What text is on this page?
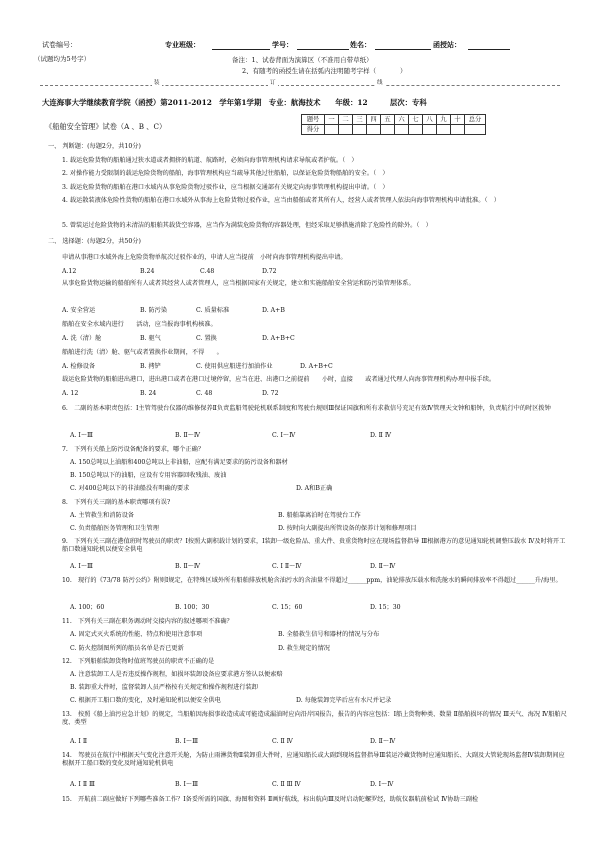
试卷编号：
（试题均为5号字）
专业班级：	学号：	姓名：	函授站：
备注：1、试卷背面为演算区（不准用自带草纸）
2、有随考的函授生请在括弧内注明随考字样（	）
装	订	线
大连海事大学继续教育学院（函授）第2011-2012　学年第1学期　专业：航海技术　　年级：12　　　层次：专科
《船舶安全管理》试卷（A 、B 、C）
题号	一	二	三	四	五	六	七	八	九	十	总分
得分											
一、 判断题：(每题2分，共10分)
1. 载运危险货物的船舶通过狭水道或者拥挤的航道、航路时，必须向海事管理机构请求导航或者护航。（　）
2. 对操作能力受限制的载运危险货物的船舶，海事管理机构应当疏导其他过往船舶，以保证危险货物船舶的安全。（　）
3. 载运危险货物的船舶在港口水域内从事危险货物过驳作业，应当根据交通部有关规定向海事管理机构提出申请。（　）
4. 载运散装液体危险性货物的船舶在港口水域外从事海上危险货物过驳作业，应当由船舶或者其所有人，经营人或者管理人依法向海事管理机构申请批准。（　）
5. 曾装运过危险货物的未清洁的船舶其载货空容器，应当作为满装危险货物的容器处理，但经采取足够措施消除了危险性的除外。（　）
二、 选择题：(每题2分，共50分)
申请从事港口水域外海上危险货物单航次过驳作业的，申请人应当提前　小时向海事管理机构提出申请。
A.12	B.24	C.48	D.72
从事危险货物运输的船舶所有人或者其经营人或者管理人，应当根据国家有关规定，建立和实施船舶安全营运和防污染管理体系。
A. 安全营运	B. 防污染	C. 质量标准	D. A+B
船舶在安全水域内进行　　活动，应当报海事机构核准。
A. 洗（清）舱	B. 驱气	C. 置换	D. A+B+C
船舶进行洗（清）舱、驱气或者置换作业期间，不得　　。
A. 检修设备	B. 拷铲	C. 使用供应船进行加油作业	D. A+B+C
载运危险货物的船舶进出港口，进出港口或者在港口过境停留，应当在进、出港口之前提前　　小时，直接　　或者通过代理人向海事管理机构办理申报手续。
A. 12	B. 24	C. 48	D. 72
6.　二副的基本职责包括：Ⅰ主管驾驶台仪器的维修保养Ⅱ负责监船驾驶轮机联系制度和驾驶台规则Ⅲ保证国旗和所有求救信号充足有效Ⅳ管理天文钟和船钟，负责航行中的时区拨钟
A. Ⅰ～Ⅲ	B. Ⅱ～Ⅳ	C. Ⅰ～Ⅳ	D. Ⅱ Ⅳ
7.　下列有关船上防污设备配备的要求，哪个正确？
A. 150总吨以上油船和400总吨以上非油船，应配有满足要求的防污设备和器材
B. 150总吨以下的油船，应设有专用容器回收残油、废油
C. 对400总吨以下的非油船没有明确的要求	D. A和B正确
8.　下列有关三副的基本职责哪项有误?
A. 主管救生和消防设备	B. 船舶靠离泊时在驾驶台工作
C. 负责船舶医务管理和卫生管理	D. 按时向大副提出所管设备的保养计划和修理项目
9.　下列有关三副在港值班时驾驶员的职责？Ⅰ按照大副积载计划的要求，Ⅰ装卸一级危险品、重大件、贵重货物时应在现场监督指导 Ⅲ根据港方的意见通知轮机调整压载水 Ⅳ及时将开工船口数通知轮机以便安全供电
A. Ⅰ～Ⅲ	B. Ⅱ～Ⅳ	C. Ⅰ Ⅱ～Ⅳ	D. Ⅱ～Ⅳ
10.　现行的《73/78 防污公约》附则Ⅰ规定，在特殊区域外所有船舶排放机舱含油污水的含油量不得超过______ppm，油轮排放压载水和洗舱水的瞬间排放率不得超过______升/海里。
A. 100；60	B. 100；30	C. 15；60	D. 15；30
11.　下列有关三副在职务调动时交接内容的叙述哪项不准确？
A. 固定式灭火系统的性能、特点和使用注意事项	B. 全船救生信号和器材的情况与分布
C. 防火控制图所列的船员名单是否已更新	D. 救生规定的情况
12.　下列船舶装卸货物时值班驾驶员的职责不正确的是
A. 注意装卸工人是否违反操作规程，如损坏装卸设备应要求港方签认以便索赔
B. 装卸重大件时，监督装卸人员严格按有关规定和操作规程进行装卸
C. 根据开工船口数的变化，及时通知轮机以便安全供电	D. 每舱装卸完毕后应有水尺并记录
13.　按照《船上油污应急计划》的规定，当船舶因海损事故造成或可能造成漏油时应向沿岸国报告，报告的内容应包括：Ⅰ船上货物种类、数量 Ⅱ船舶损坏的情况 Ⅲ天气、海况 Ⅳ船舶尺度、类型
A. Ⅰ Ⅱ	B. Ⅰ～Ⅲ	C. Ⅱ Ⅳ	D. Ⅱ～Ⅳ
14.　驾驶员在航行中根据天气变化注意开关舱，为防止雨淋货物Ⅱ装卸重大件时，应通知船长或大副到现场监督指导Ⅲ装运冷藏货物时应通知船长、大副及大管轮现场监督Ⅳ装卸期间应根据开工船口数的变化及时通知轮机供电
A. Ⅰ Ⅱ Ⅲ	B. Ⅰ～Ⅲ	C. Ⅱ Ⅲ Ⅳ	D. Ⅰ～Ⅳ
15.　开航前二副应做好下列哪些准备工作？Ⅰ备妥所需的国旗、海图和资料 Ⅱ画好航线，标出航向Ⅲ及时启动陀螺罗经，助航仪器航前检试 Ⅳ协助三副检
